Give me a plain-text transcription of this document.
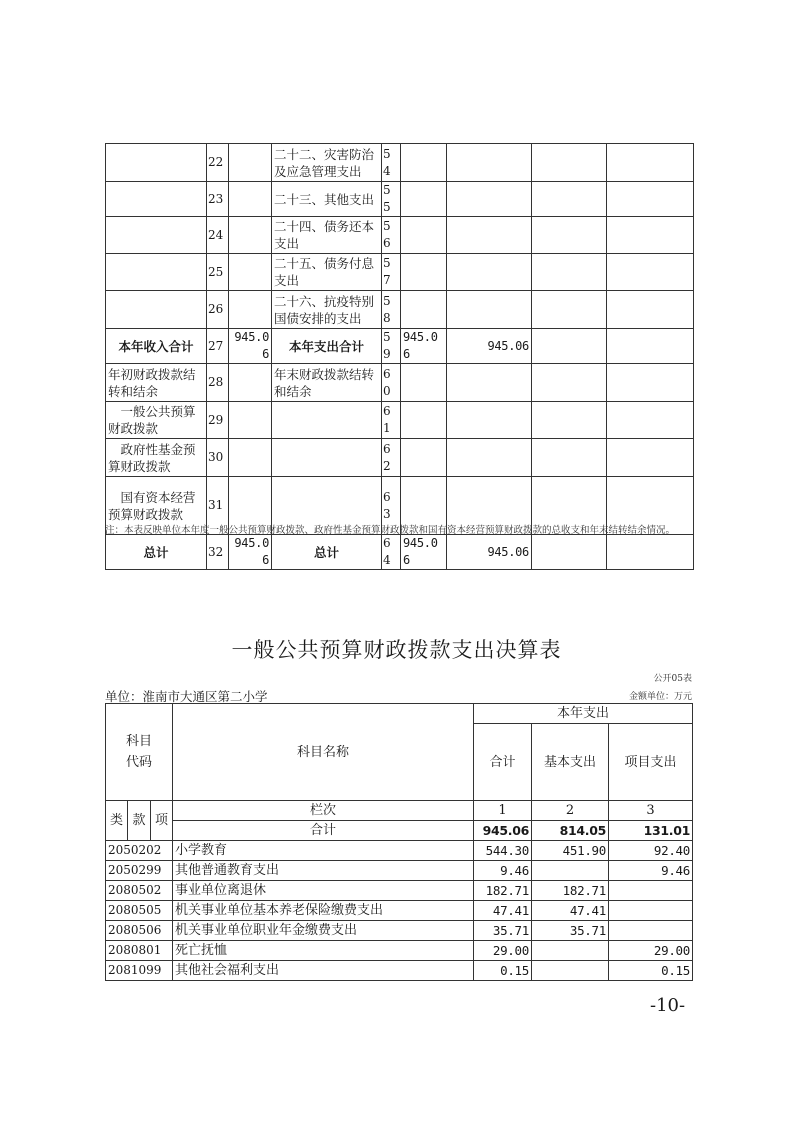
	22		二十二、灾害防治及应急管理支出	54				
	23		二十三、其他支出	55				
	24		二十四、债务还本支出	56				
	25		二十五、债务付息支出	57				
	26		二十六、抗疫特别国债安排的支出	58				
本年收入合计	27	945.06	本年支出合计	59	945.06	945.06		
年初财政拨款结转和结余	28		年末财政拨款结转和结余	60				
一般公共预算财政拨款	29			61				
政府性基金预算财政拨款	30			62				
国有资本经营预算财政拨款	31			63				
总计	32	945.06	总计	64	945.06	945.06		
注：本表反映单位本年度一般公共预算财政拨款、政府性基金预算财政拨款和国有资本经营预算财政拨款的总收支和年末结转结余情况。
一般公共预算财政拨款支出决算表
公开05表
单位：淮南市大通区第二小学	金额单位：万元
科目代码			科目名称	本年支出		
				合计	基本支出	项目支出
类	款	项	栏次	1	2	3
			合计	945.06	814.05	131.01
2050202			小学教育	544.30	451.90	92.40
2050299			其他普通教育支出	9.46		9.46
2080502			事业单位离退休	182.71	182.71	
2080505			机关事业单位基本养老保险缴费支出	47.41	47.41	
2080506			机关事业单位职业年金缴费支出	35.71	35.71	
2080801			死亡抚恤	29.00		29.00
2081099			其他社会福利支出	0.15		0.15
-10-
